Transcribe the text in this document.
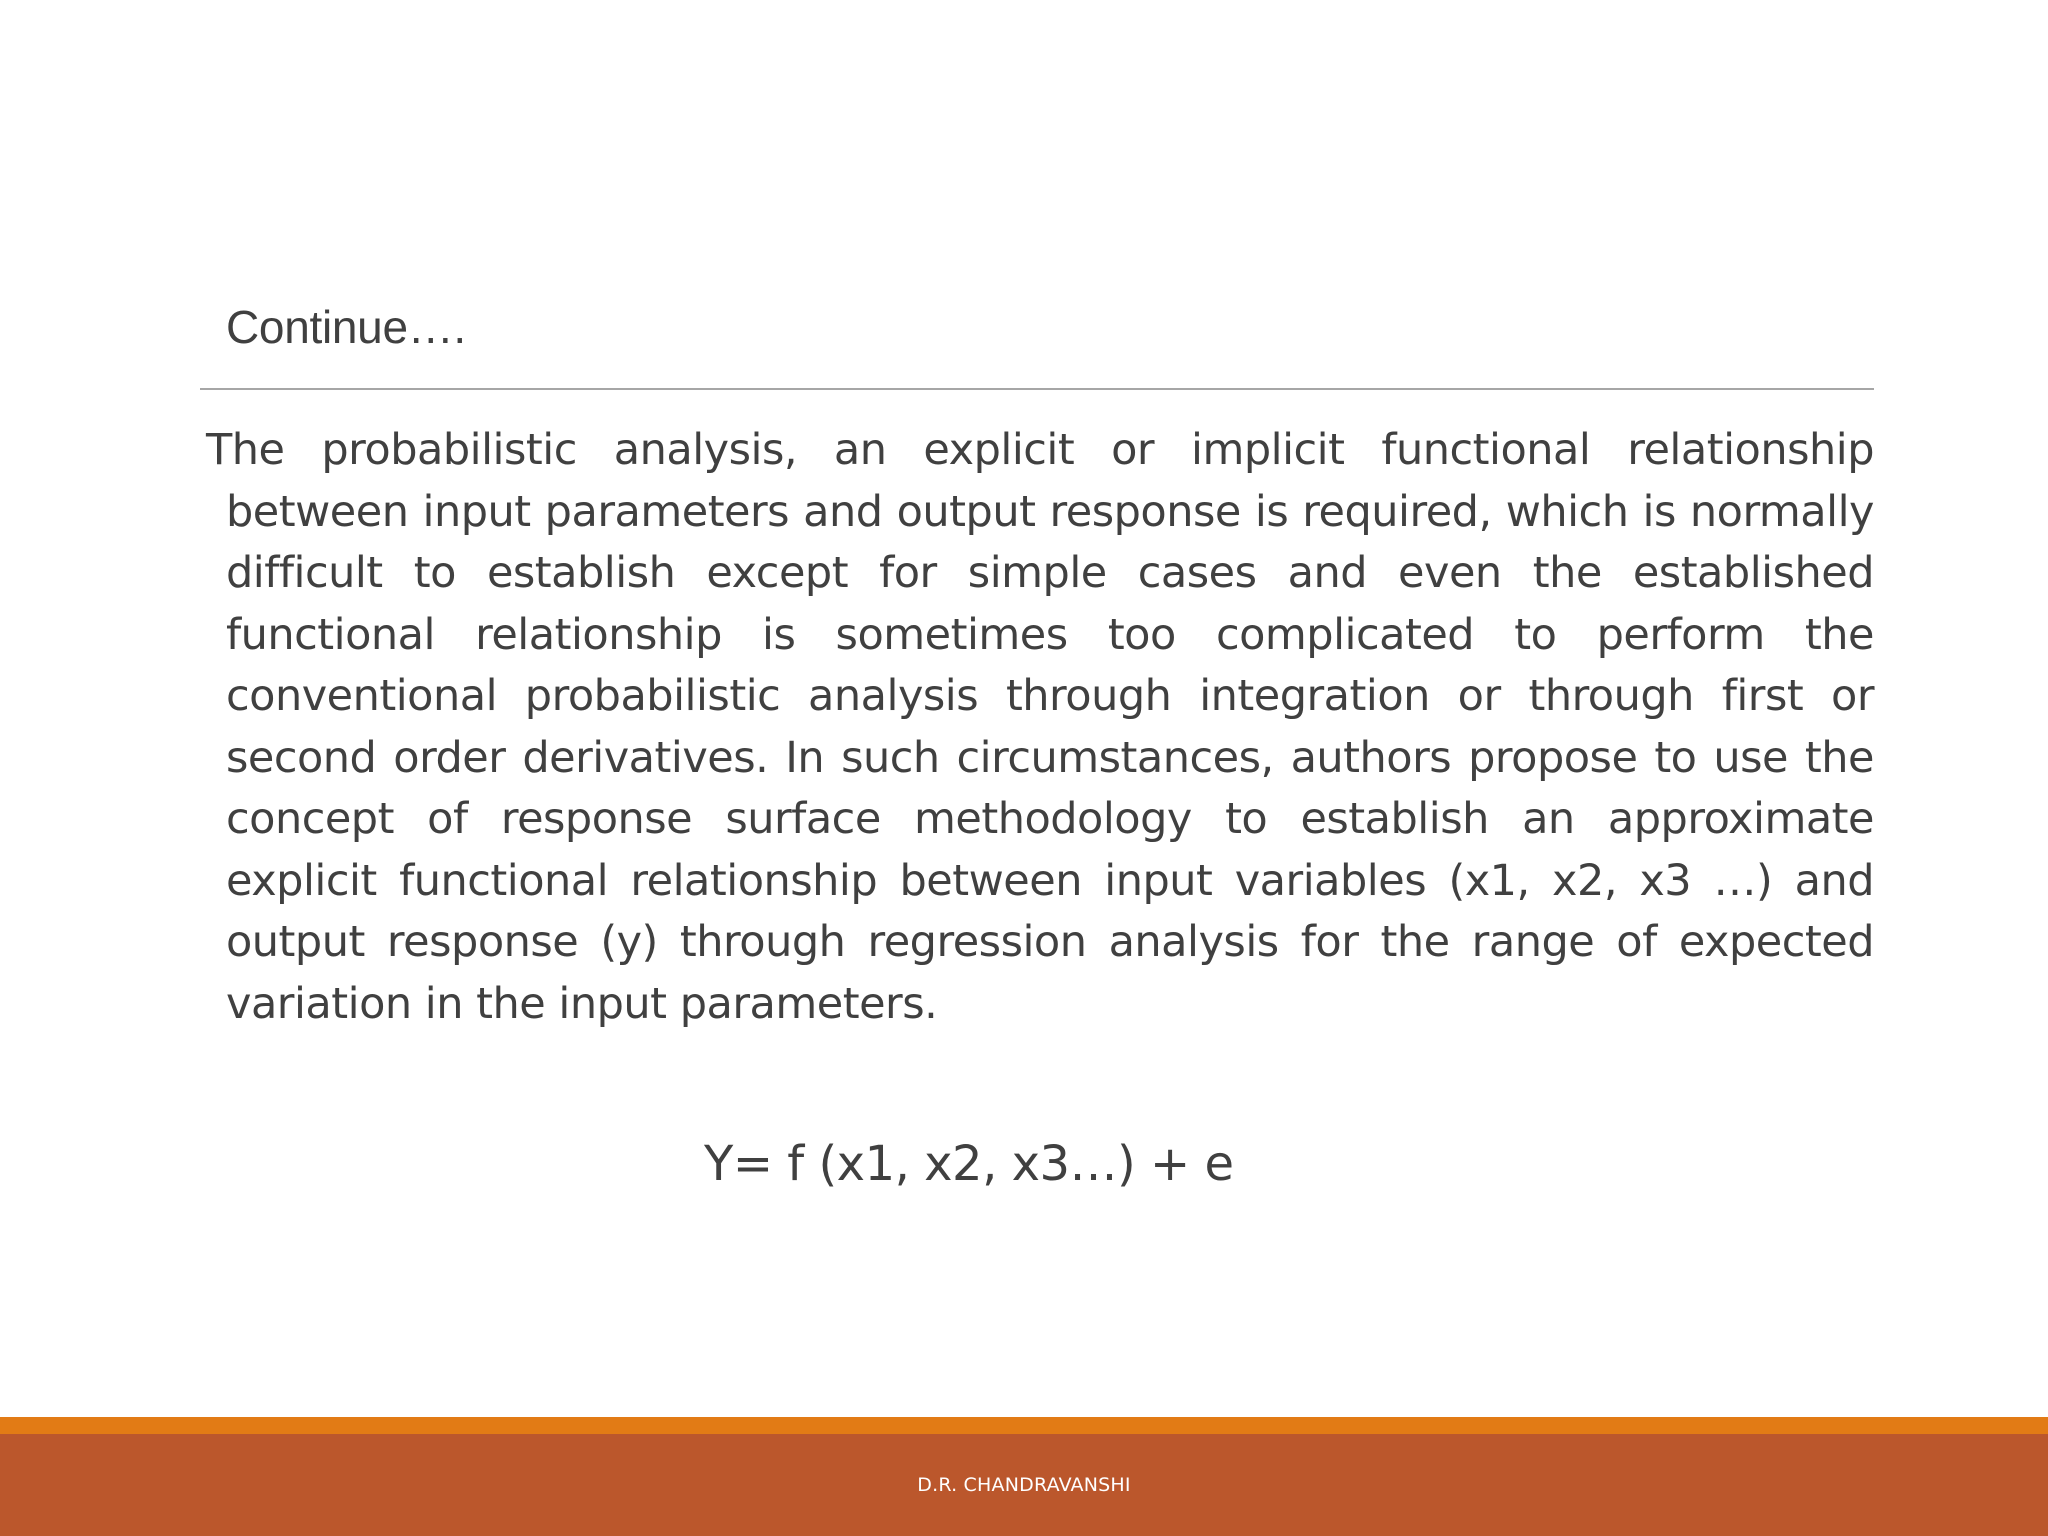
Continue….

The probabilistic analysis, an explicit or implicit functional relationship between input parameters and output response is required, which is normally difficult to establish except for simple cases and even the established functional relationship is sometimes too complicated to perform the conventional probabilistic analysis through integration or through first or second order derivatives. In such circumstances, authors propose to use the concept of response surface methodology to establish an approximate explicit functional relationship between input variables (x1, x2, x3 …) and output response (y) through regression analysis for the range of expected variation in the input parameters.

Y= f (x1, x2, x3…) + e

D.R. CHANDRAVANSHI
